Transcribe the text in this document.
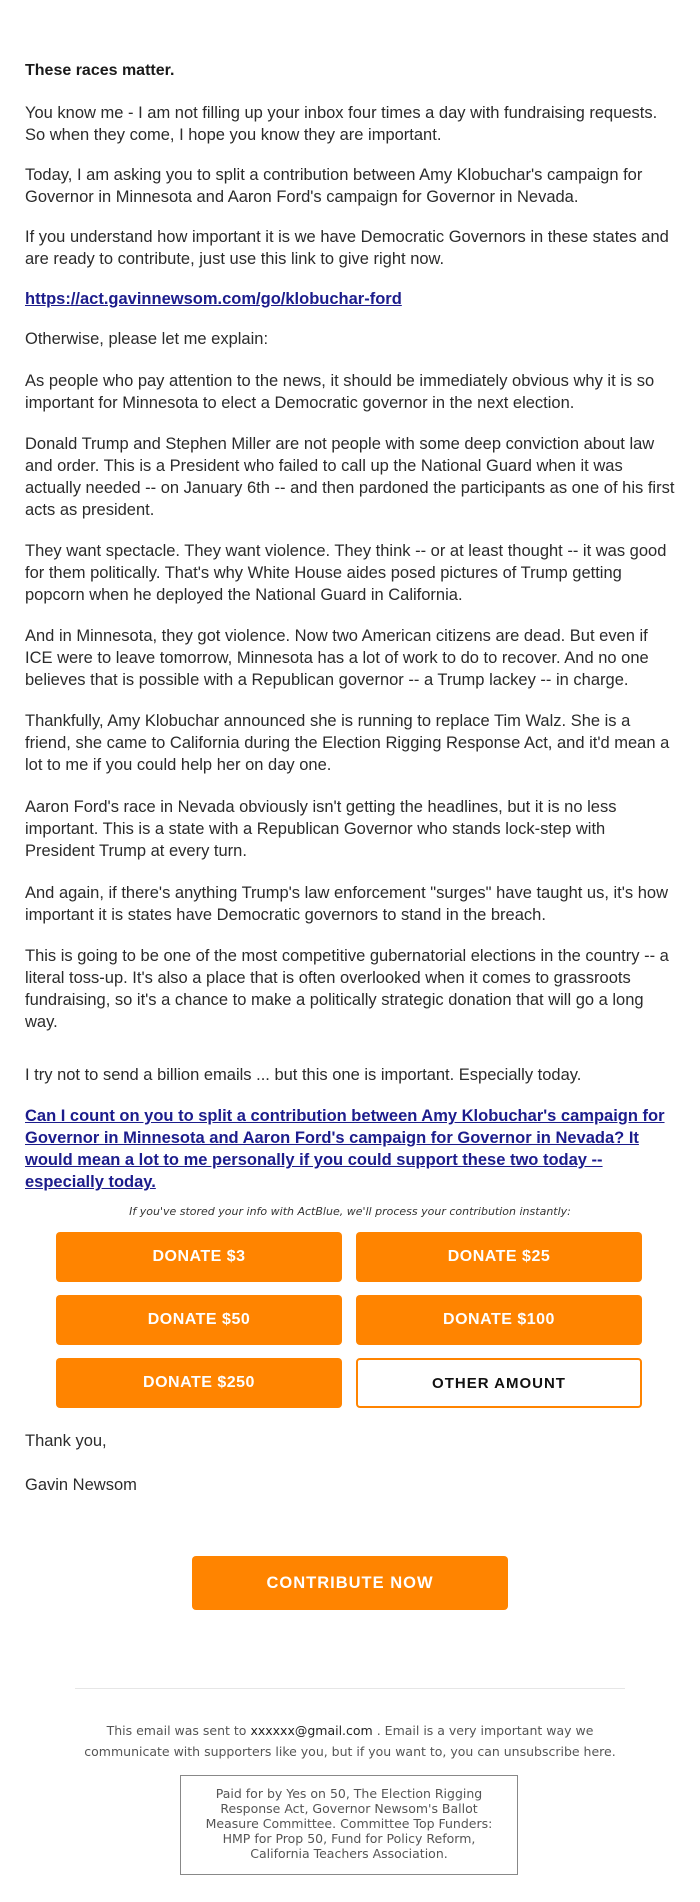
These races matter.

You know me - I am not filling up your inbox four times a day with fundraising requests. So when they come, I hope you know they are important.

Today, I am asking you to split a contribution between Amy Klobuchar's campaign for Governor in Minnesota and Aaron Ford's campaign for Governor in Nevada.

If you understand how important it is we have Democratic Governors in these states and are ready to contribute, just use this link to give right now.

https://act.gavinnewsom.com/go/klobuchar-ford

Otherwise, please let me explain:

As people who pay attention to the news, it should be immediately obvious why it is so important for Minnesota to elect a Democratic governor in the next election.

Donald Trump and Stephen Miller are not people with some deep conviction about law and order. This is a President who failed to call up the National Guard when it was actually needed -- on January 6th -- and then pardoned the participants as one of his first acts as president.

They want spectacle. They want violence. They think -- or at least thought -- it was good for them politically. That's why White House aides posed pictures of Trump getting popcorn when he deployed the National Guard in California.

And in Minnesota, they got violence. Now two American citizens are dead. But even if ICE were to leave tomorrow, Minnesota has a lot of work to do to recover. And no one believes that is possible with a Republican governor -- a Trump lackey -- in charge.

Thankfully, Amy Klobuchar announced she is running to replace Tim Walz. She is a friend, she came to California during the Election Rigging Response Act, and it'd mean a lot to me if you could help her on day one.

Aaron Ford's race in Nevada obviously isn't getting the headlines, but it is no less important. This is a state with a Republican Governor who stands lock-step with President Trump at every turn.

And again, if there's anything Trump's law enforcement "surges" have taught us, it's how important it is states have Democratic governors to stand in the breach.

This is going to be one of the most competitive gubernatorial elections in the country -- a literal toss-up. It's also a place that is often overlooked when it comes to grassroots fundraising, so it's a chance to make a politically strategic donation that will go a long way.

I try not to send a billion emails ... but this one is important. Especially today.

Can I count on you to split a contribution between Amy Klobuchar's campaign for Governor in Minnesota and Aaron Ford's campaign for Governor in Nevada? It would mean a lot to me personally if you could support these two today -- especially today.
If you've stored your info with ActBlue, we'll process your contribution instantly:
DONATE $3	DONATE $25
DONATE $50	DONATE $100
DONATE $250	OTHER AMOUNT
Thank you,
Gavin Newsom
CONTRIBUTE NOW
This email was sent to xxxxxx@gmail.com . Email is a very important way we communicate with supporters like you, but if you want to, you can unsubscribe here.
Paid for by Yes on 50, The Election Rigging Response Act, Governor Newsom's Ballot Measure Committee. Committee Top Funders: HMP for Prop 50, Fund for Policy Reform, California Teachers Association.
